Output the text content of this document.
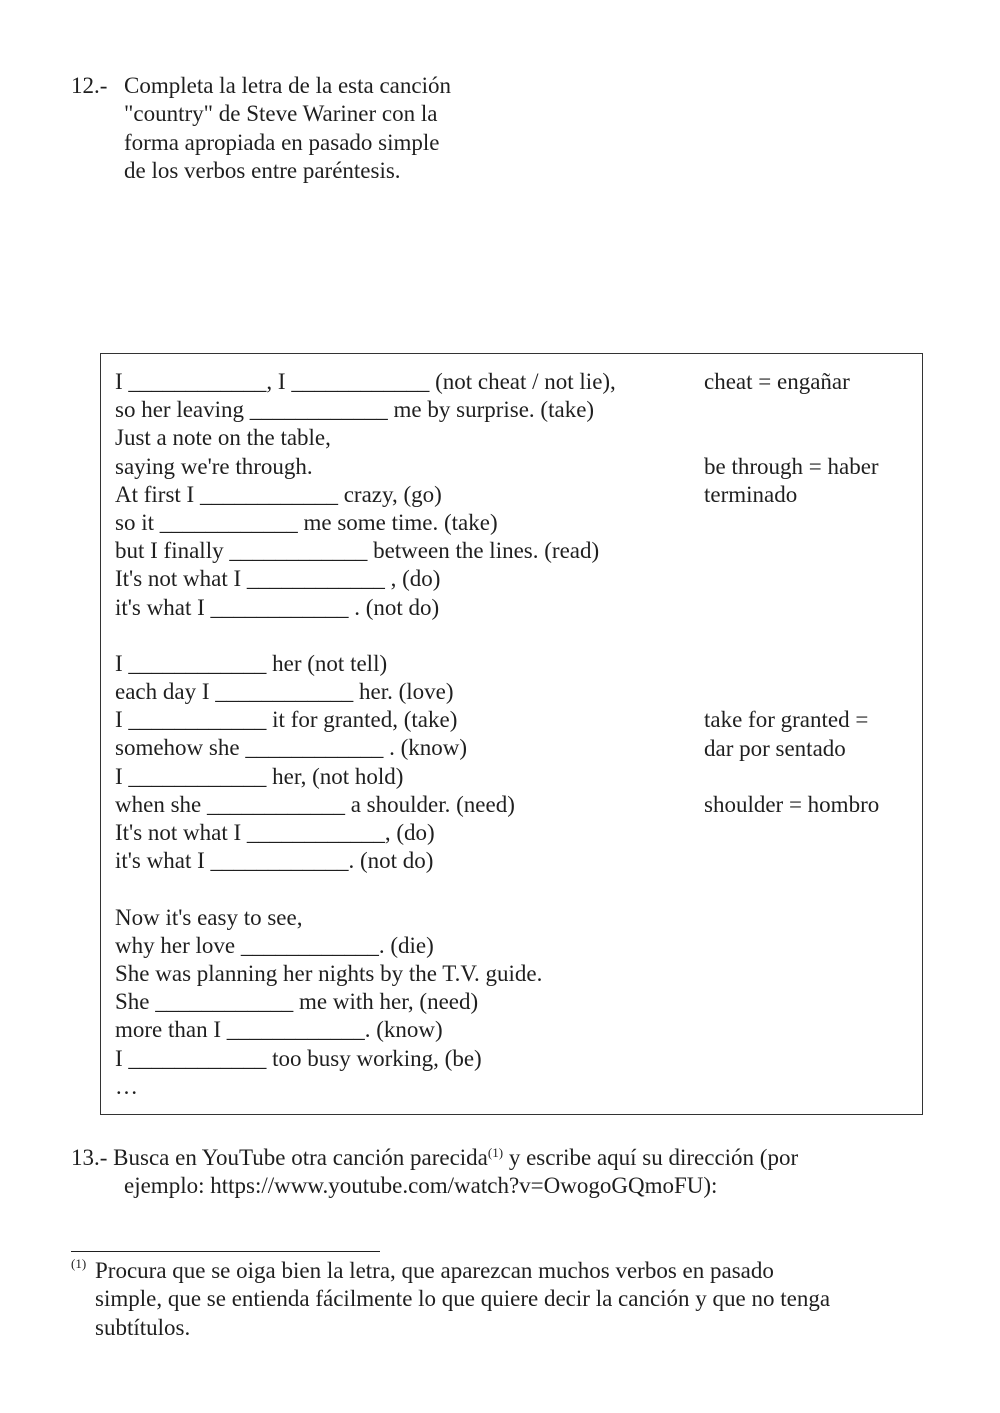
12.- Completa la letra de la esta canción
"country" de Steve Wariner con la
forma apropiada en pasado simple
de los verbos entre paréntesis.
I ____________, I ____________ (not cheat / not lie),
so her leaving ____________ me by surprise. (take)
Just a note on the table,
saying we're through.
At first I ____________ crazy, (go)
so it ____________ me some time. (take)
but I finally ____________ between the lines. (read)
It's not what I ____________ , (do)
it's what I ____________ . (not do)
I ____________ her (not tell)
each day I ____________ her. (love)
I ____________ it for granted, (take)
somehow she ____________ . (know)
I ____________ her, (not hold)
when she ____________ a shoulder. (need)
It's not what I ____________, (do)
it's what I ____________. (not do)
Now it's easy to see,
why her love ____________. (die)
She was planning her nights by the T.V. guide.
She ____________ me with her, (need)
more than I ____________. (know)
I ____________ too busy working, (be)
…
cheat = engañar
be through = haber
terminado
take for granted =
dar por sentado
shoulder = hombro
13.- Busca en YouTube otra canción parecida$^{(1)}$ y escribe aquí su dirección (por
ejemplo: https://www.youtube.com/watch?v=OwogoGQmoFU):
$^{(1)}$ Procura que se oiga bien la letra, que aparezcan muchos verbos en pasado
simple, que se entienda fácilmente lo que quiere decir la canción y que no tenga
subtítulos.
